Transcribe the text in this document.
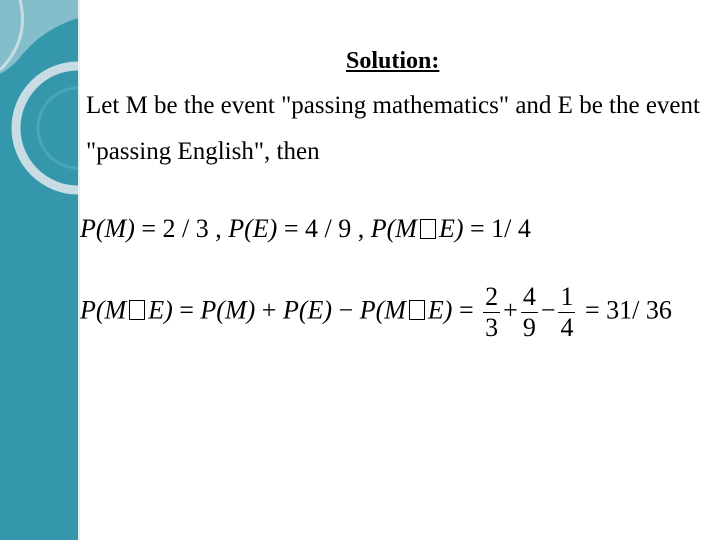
Solution:
Let M be the event "passing mathematics" and E be the event
"passing English", then
P(M) = 2 / 3 , P(E) = 4 / 9 , P(M E) = 1/ 4
P(M E) = P(M) + P(E) − P(M $E) = \frac{2}{3} + \frac{4}{9} - \frac{1}{4} = 31/$ 36
